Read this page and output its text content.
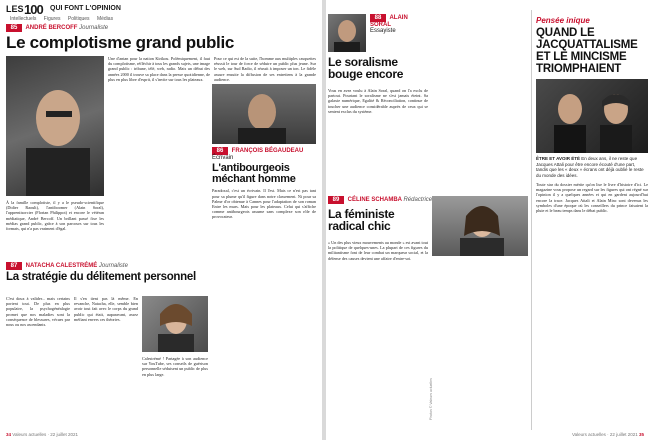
LES 100 QUI FONT L'OPINION
Intellectuels Figures Politiques Médias
85 ANDRÉ BERCOFF Journaliste
Le complotisme grand public
Une d'antan pour la nation Kirikou. Polémiquement, il faut du complotisme, réfléchir à tous les grands sujets, une image grand public : tribune, télé, web, radio. Mais un début des années 2000 il trouve sa place dans la presse quotidienne, de plus en plus libre d'esprit, il s'invite sur tous les plateaux.
Pour ce qui est de la suite, l'homme aux multiples casquettes réussit le tour de force de séduire un public plus jeune. Sur le web, sur Sud Radio, il réussit à imposer un ton. Le fidèle assure ensuite la diffusion de ses entretiens à la grande audience.
À la famille complotiste, il y a le pseudo-scientifique (Didier Raoult), l'antiboomer (Alain Soral), l'apprentisorcier (Florian Philippot) et encore le vétéran médiatique, André Bercoff. Un brillant passé fixe les médias grand public, grâce à son parcours sur tous les formats, qui n'a pas vraiment d'égal.
86 FRANÇOIS BÉGAUDEAU
Écrivain
L'antibourgeois méchant homme
Paradoxal, c'est un écrivain. Il l'est. Mais ce n'est pas tant pour sa plume qu'il figure dans notre classement. Ni pour sa Palme d'or obtenue à Cannes pour l'adaptation de son roman Entre les murs. Mais pour les plateaux. Celui qui s'affiche comme antibourgeois assume sans complexe son rôle de provocateur.
87 NATACHA CALESTRÉMÉ Journaliste
La stratégie du délitement personnel
C'est doux à valider... mais certains portent tout. De plus en plus populaire, la psychogénéalogie promet que nos maladies sont la conséquence de blessures, vécues par nous ou nos ascendants.
Il s'en tient pas là même. En revanche, Natacha, elle, semble bien avoir tout fait avec le corps du grand public qui était, auparavant, assez méfiant envers ces théories.
Calestrémé ! Partagée à son audience sur YouTube, ses conseils de guérison personnelle séduisent un public de plus en plus large.
34 Valeurs actuelles · 22 juillet 2021
88 ALAIN SORAL
Essayiste
Le soralisme bouge encore
Vous en avez voulu à Alain Soral, quand on l'a exclu de partout. Pourtant le soralisme ne s'est jamais éteint. Sa galaxie numérique, Egalité & Réconciliation, continue de toucher une audience considérable auprès de ceux qui se sentent exclus du système.
89 CÉLINE SCHAMBA Rédactrice
La féministe radical chic
« Un des plus vieux mouvements au monde » est avant tout la politique de quelques-unes. La plupart de ces figures du militantisme font de leur combat un marqueur social, et la défense des causes devient une affaire d'entre-soi.
Photos © Valeurs actuelles
Pensée inique
QUAND LE JACQUATTALISME ET LE MINCISME TRIOMPHAIENT
ÊTRE ET AVOIR ÉTÉ En deux ans, il ne reste que Jacques Attali pour être encore écouté d'une part, tandis que les « deux » écrans ont déjà oublié le reste du monde des idées.
Toute star du dossier mérite qu'on lise le livre d'histoire d'ici. Le magazine vous propose un regard sur les figures qui ont régné sur l'opinion il y a quelques années et qui en gardent aujourd'hui encore la trace. Jacques Attali et Alain Minc sont devenus les symboles d'une époque où les conseillers du prince faisaient la pluie et le beau temps dans le débat public.
Valeurs actuelles · 22 juillet 2021 35
